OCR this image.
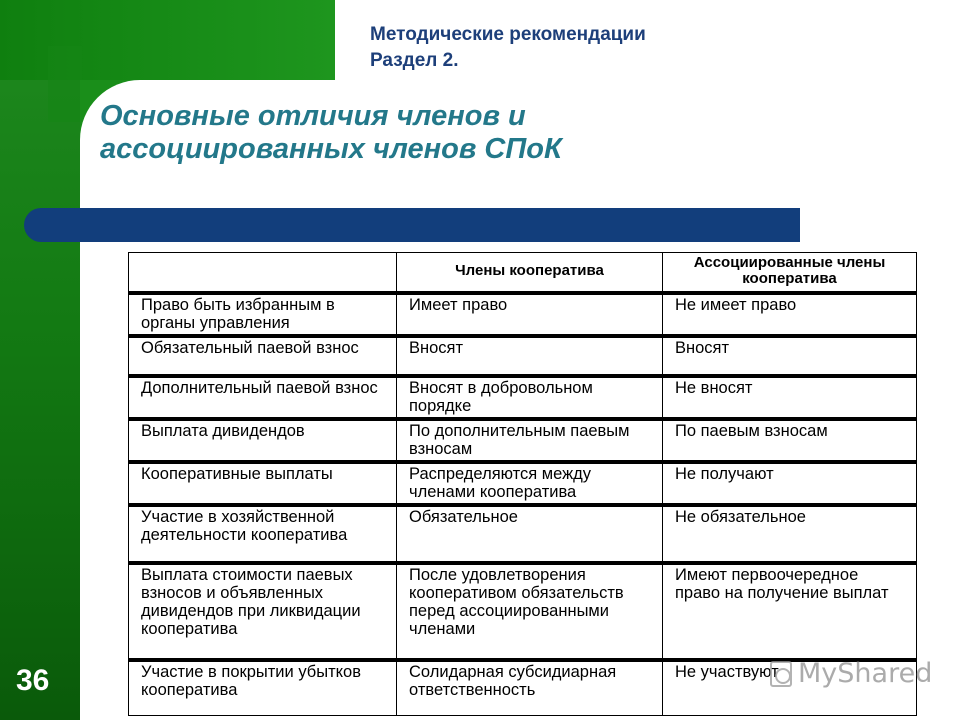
Методические рекомендации
Раздел 2.
Основные отличия членов и
ассоциированных членов СПоК
	Члены кооператива	Ассоциированные члены кооператива
Право быть избранным в органы управления	Имеет право	Не имеет право
Обязательный паевой взнос	Вносят	Вносят
Дополнительный паевой взнос	Вносят в добровольном порядке	Не вносят
Выплата дивидендов	По дополнительным паевым взносам	По паевым взносам
Кооперативные выплаты	Распределяются между членами кооператива	Не получают
Участие в хозяйственной деятельности кооператива	Обязательное	Не обязательное
Выплата стоимости паевых взносов и объявленных дивидендов при ликвидации кооператива	После удовлетворения кооперативом обязательств перед ассоциированными членами	Имеют первоочередное право на получение выплат
Участие в покрытии убытков кооператива	Солидарная субсидиарная ответственность	Не участвуют
36	MyShared
